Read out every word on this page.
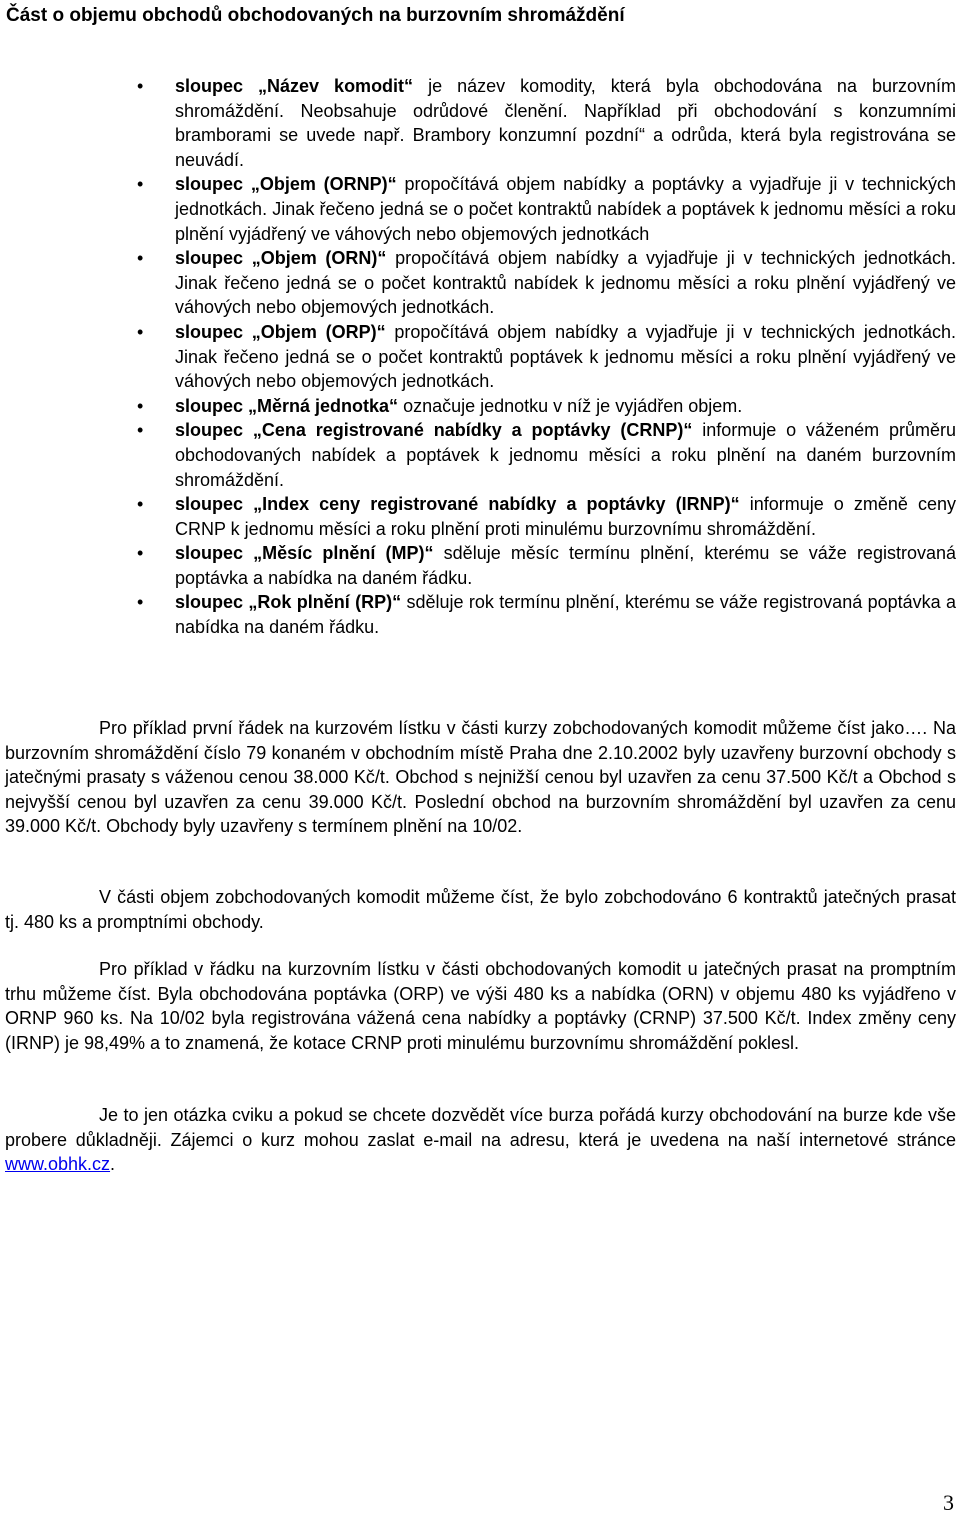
Část o objemu obchodů obchodovaných na burzovním shromáždění
• sloupec „Název komodit“ je název komodity, která byla obchodována na burzovním shromáždění. Neobsahuje odrůdové členění. Například při obchodování s konzumními bramborami se uvede např. Brambory konzumní pozdní“ a odrůda, která byla registrována se neuvádí.
• sloupec „Objem (ORNP)“ propočítává objem nabídky a poptávky a vyjadřuje ji v technických jednotkách. Jinak řečeno jedná se o počet kontraktů nabídek a poptávek k jednomu měsíci a roku plnění vyjádřený ve váhových nebo objemových jednotkách
• sloupec „Objem (ORN)“ propočítává objem nabídky a vyjadřuje ji v technických jednotkách. Jinak řečeno jedná se o počet kontraktů nabídek k jednomu měsíci a roku plnění vyjádřený ve váhových nebo objemových jednotkách.
• sloupec „Objem (ORP)“ propočítává objem nabídky a vyjadřuje ji v technických jednotkách. Jinak řečeno jedná se o počet kontraktů poptávek k jednomu měsíci a roku plnění vyjádřený ve váhových nebo objemových jednotkách.
• sloupec „Měrná jednotka“ označuje jednotku v níž je vyjádřen objem.
• sloupec „Cena registrované nabídky a poptávky (CRNP)“ informuje o váženém průměru obchodovaných nabídek a poptávek k jednomu měsíci a roku plnění na daném burzovním shromáždění.
• sloupec „Index ceny registrované nabídky a poptávky (IRNP)“ informuje o změně ceny CRNP k jednomu měsíci a roku plnění proti minulému burzovnímu shromáždění.
• sloupec „Měsíc plnění (MP)“ sděluje měsíc termínu plnění, kterému se váže registrovaná poptávka a nabídka na daném řádku.
• sloupec „Rok plnění (RP)“ sděluje rok termínu plnění, kterému se váže registrovaná poptávka a nabídka na daném řádku.

Pro příklad první řádek na kurzovém lístku v části kurzy zobchodovaných komodit můžeme číst jako…. Na burzovním shromáždění číslo 79 konaném v obchodním místě Praha dne 2.10.2002 byly uzavřeny burzovní obchody s jatečnými prasaty s váženou cenou 38.000 Kč/t. Obchod s nejnižší cenou byl uzavřen za cenu 37.500 Kč/t a Obchod s nejvyšší cenou byl uzavřen za cenu 39.000 Kč/t. Poslední obchod na burzovním shromáždění byl uzavřen za cenu 39.000 Kč/t. Obchody byly uzavřeny s termínem plnění na 10/02.

V části objem zobchodovaných komodit můžeme číst, že bylo zobchodováno 6 kontraktů jatečných prasat tj. 480 ks a promptními obchody.

Pro příklad v řádku na kurzovním lístku v části obchodovaných komodit u jatečných prasat na promptním trhu můžeme číst. Byla obchodována poptávka (ORP) ve výši 480 ks a nabídka (ORN) v objemu 480 ks vyjádřeno v ORNP 960 ks. Na 10/02 byla registrována vážená cena nabídky a poptávky (CRNP) 37.500 Kč/t. Index změny ceny (IRNP) je 98,49% a to znamená, že kotace CRNP proti minulému burzovnímu shromáždění poklesl.

Je to jen otázka cviku a pokud se chcete dozvědět více burza pořádá kurzy obchodování na burze kde vše probere důkladněji. Zájemci o kurz mohou zaslat e-mail na adresu, která je uvedena na naší internetové stránce www.obhk.cz.

3
